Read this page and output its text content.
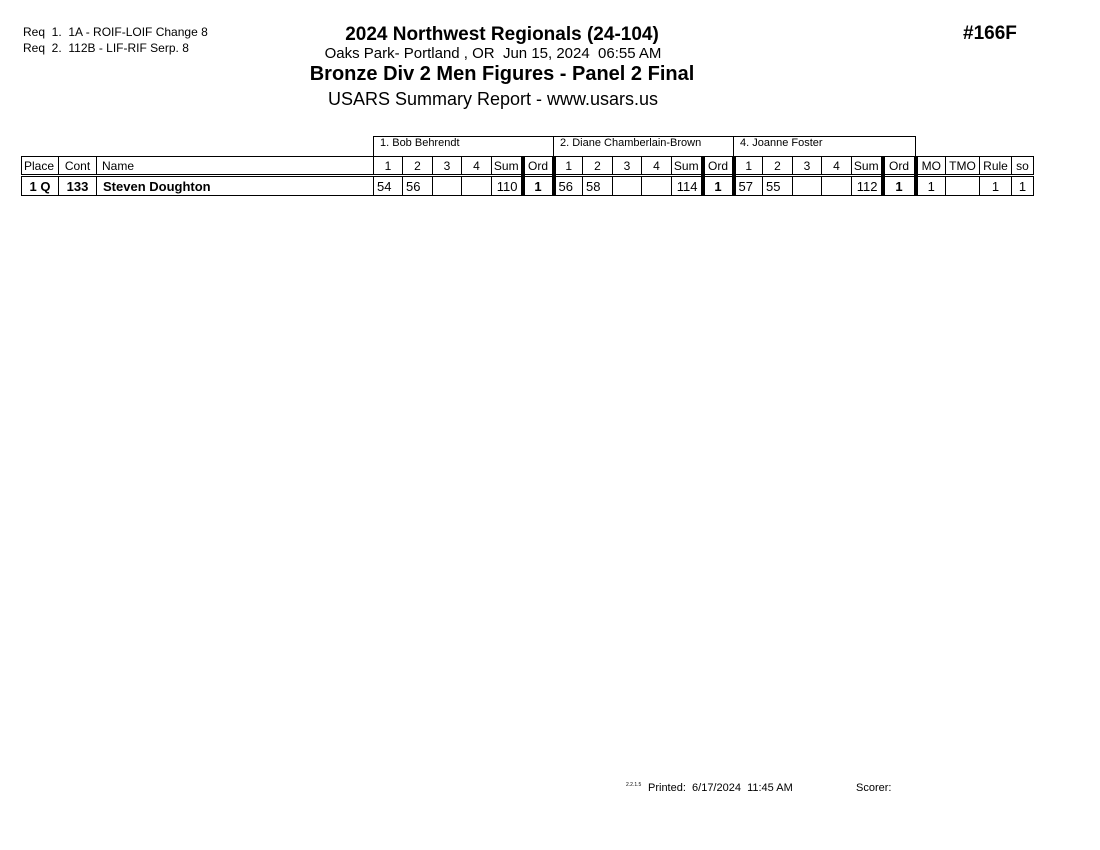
Req  1. 1A - ROIF-LOIF Change 8
Req  2. 112B - LIF-RIF Serp. 8
2024 Northwest Regionals (24-104)
Oaks Park- Portland , OR  Jun 15, 2024  06:55 AM
Bronze Div 2 Men Figures - Panel 2 Final
USARS Summary Report - www.usars.us
#166F
			1. Bob Behrendt						2. Diane Chamberlain-Brown						4. Joanne Foster									
Place	Cont	Name	1	2	3	4	Sum	Ord	1	2	3	4	Sum	Ord	1	2	3	4	Sum	Ord	MO	TMO	Rule	so
1 Q	133	Steven Doughton	54	56			110	1	56	58			114	1	57	55			112	1	1		1	1
2.2.1.5 Printed:  6/17/2024  11:45 AM	Scorer:
